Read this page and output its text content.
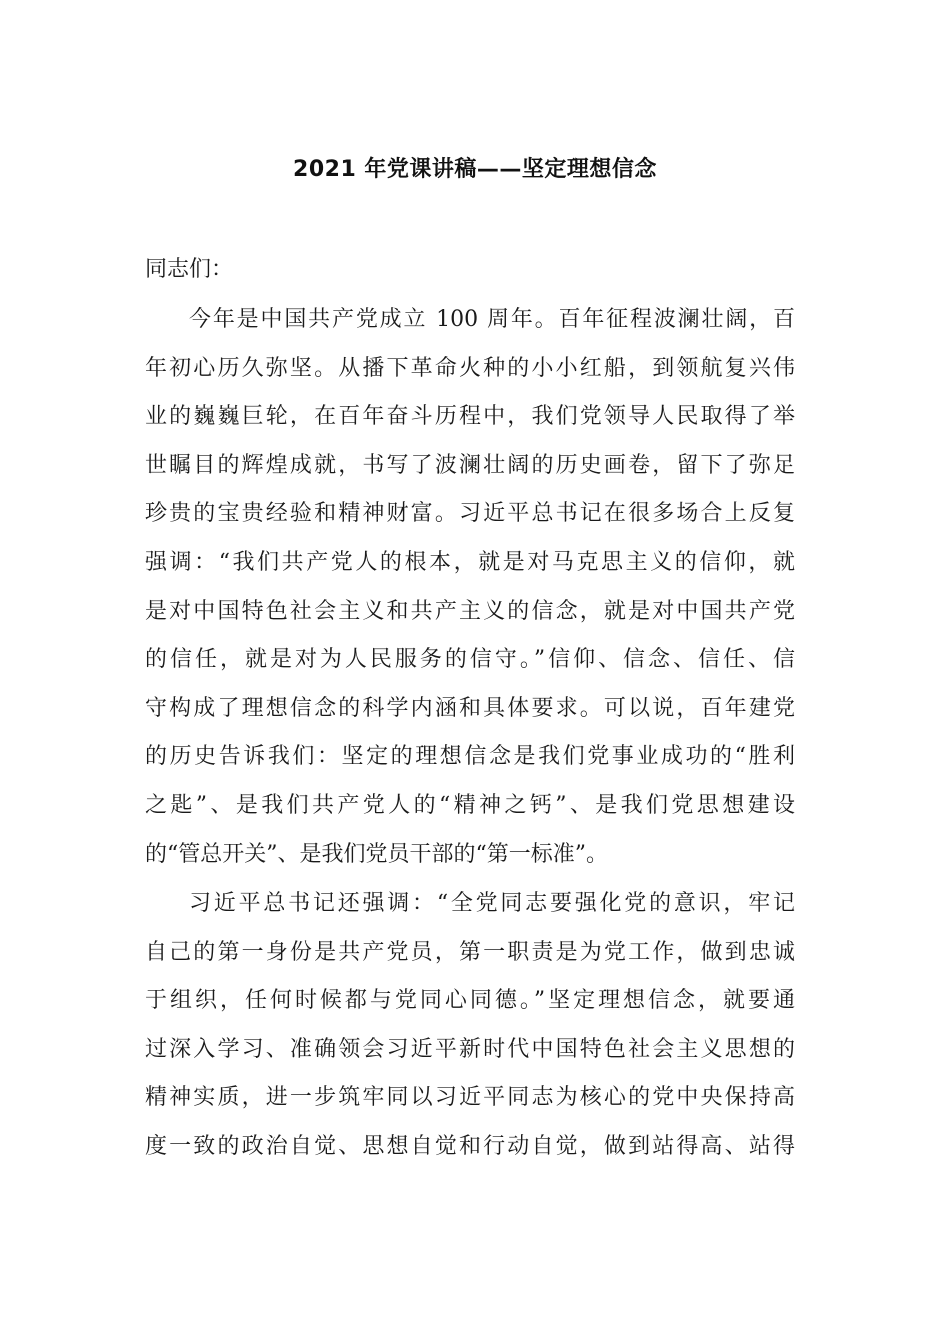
2021 年党课讲稿——坚定理想信念
同志们：
今年是中国共产党成立 100 周年。百年征程波澜壮阔，百
年初心历久弥坚。从播下革命火种的小小红船，到领航复兴伟
业的巍巍巨轮，在百年奋斗历程中，我们党领导人民取得了举
世瞩目的辉煌成就，书写了波澜壮阔的历史画卷，留下了弥足
珍贵的宝贵经验和精神财富。习近平总书记在很多场合上反复
强调：“我们共产党人的根本，就是对马克思主义的信仰，就
是对中国特色社会主义和共产主义的信念，就是对中国共产党
的信任，就是对为人民服务的信守。”信仰、信念、信任、信
守构成了理想信念的科学内涵和具体要求。可以说，百年建党
的历史告诉我们：坚定的理想信念是我们党事业成功的“胜利
之匙”、是我们共产党人的“精神之钙”、是我们党思想建设
的“管总开关”、是我们党员干部的“第一标准”。
习近平总书记还强调：“全党同志要强化党的意识，牢记
自己的第一身份是共产党员，第一职责是为党工作，做到忠诚
于组织，任何时候都与党同心同德。”坚定理想信念，就要通
过深入学习、准确领会习近平新时代中国特色社会主义思想的
精神实质，进一步筑牢同以习近平同志为核心的党中央保持高
度一致的政治自觉、思想自觉和行动自觉，做到站得高、站得
